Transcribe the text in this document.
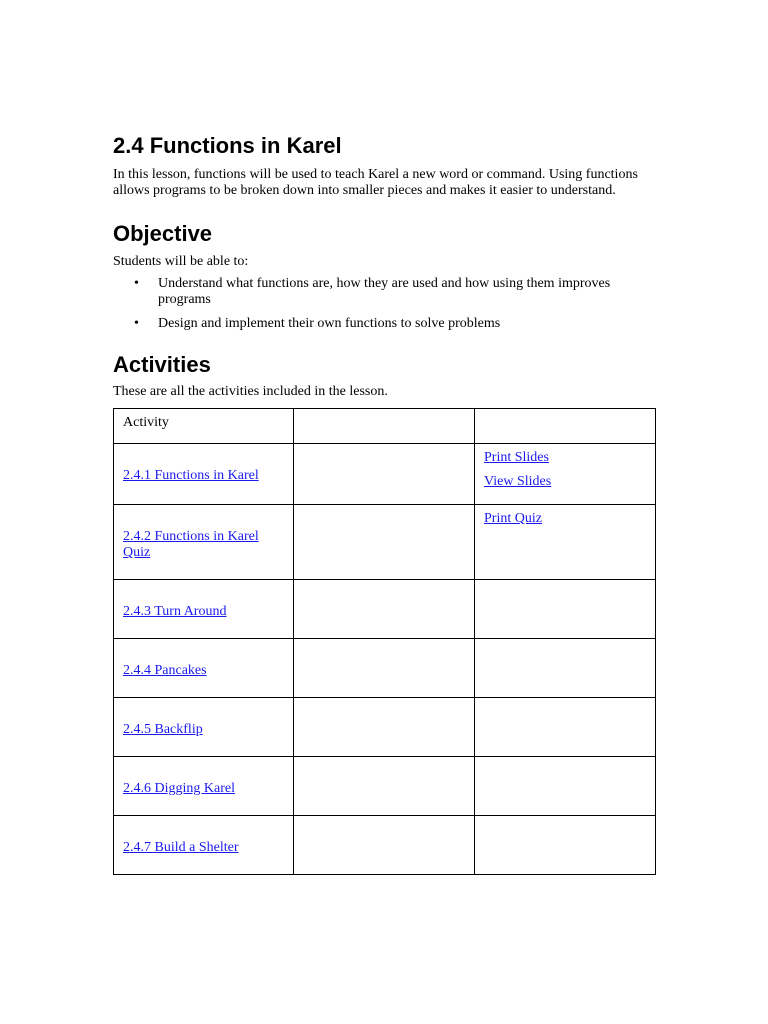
2.4 Functions in Karel

In this lesson, functions will be used to teach Karel a new word or command. Using functions allows programs to be broken down into smaller pieces and makes it easier to understand.

Objective

Students will be able to:

• Understand what functions are, how they are used and how using them improves programs
• Design and implement their own functions to solve problems
Activities

These are all the activities included in the lesson.

Activity		

2.4.1 Functions in Karel		Print Slides
View Slides

2.4.2 Functions in Karel Quiz		Print Quiz

2.4.3 Turn Around		

2.4.4 Pancakes		

2.4.5 Backflip		

2.4.6 Digging Karel		

2.4.7 Build a Shelter		
